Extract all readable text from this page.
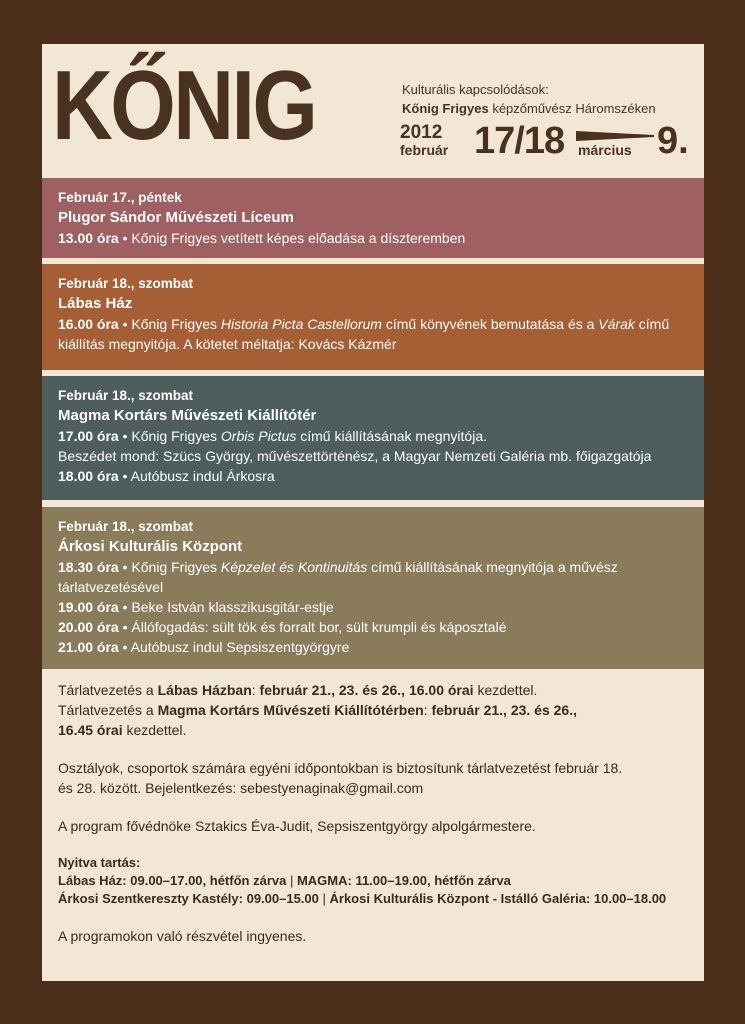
KŐNIG	Kulturális kapcsolódások:
Kőnig Frigyes képzőművész Háromszéken
2012
február 17/18 március 9.
Február 17., péntek
Plugor Sándor Művészeti Líceum
13.00 óra • Kőnig Frigyes vetített képes előadása a díszteremben
Február 18., szombat
Lábas Ház
16.00 óra • Kőnig Frigyes Historia Picta Castellorum című könyvének bemutatása és a Várak című kiállítás megnyitója. A kötetet méltatja: Kovács Kázmér
Február 18., szombat
Magma Kortárs Művészeti Kiállítótér
17.00 óra • Kőnig Frigyes Orbis Pictus című kiállításának megnyitója.
Beszédet mond: Szücs György, művészettörténész, a Magyar Nemzeti Galéria mb. főigazgatója
18.00 óra • Autóbusz indul Árkosra
Február 18., szombat
Árkosi Kulturális Központ
18.30 óra • Kőnig Frigyes Képzelet és Kontinuitás című kiállításának megnyitója a művész tárlatvezetésével
19.00 óra • Beke István klasszikusgitár-estje
20.00 óra • Állófogadás: sült tök és forralt bor, sült krumpli és káposztalé
21.00 óra • Autóbusz indul Sepsiszentgyörgyre

Tárlatvezetés a Lábas Házban: február 21., 23. és 26., 16.00 órai kezdettel.

Tárlatvezetés a Magma Kortárs Művészeti Kiállítótérben: február 21., 23. és 26.,

16.45 órai kezdettel.

Osztályok, csoportok számára egyéni időpontokban is biztosítunk tárlatvezetést február 18.

és 28. között. Bejelentkezés: sebestyenaginak@gmail.com

A program fővédnöke Sztakics Éva-Judit, Sepsiszentgyörgy alpolgármestere.

Nyitva tartás:
Lábas Ház: 09.00–17.00, hétfőn zárva | MAGMA: 11.00–19.00, hétfőn zárva
Árkosi Szentkereszty Kastély: 09.00–15.00 | Árkosi Kulturális Központ - Istálló Galéria: 10.00–18.00

A programokon való részvétel ingyenes.
